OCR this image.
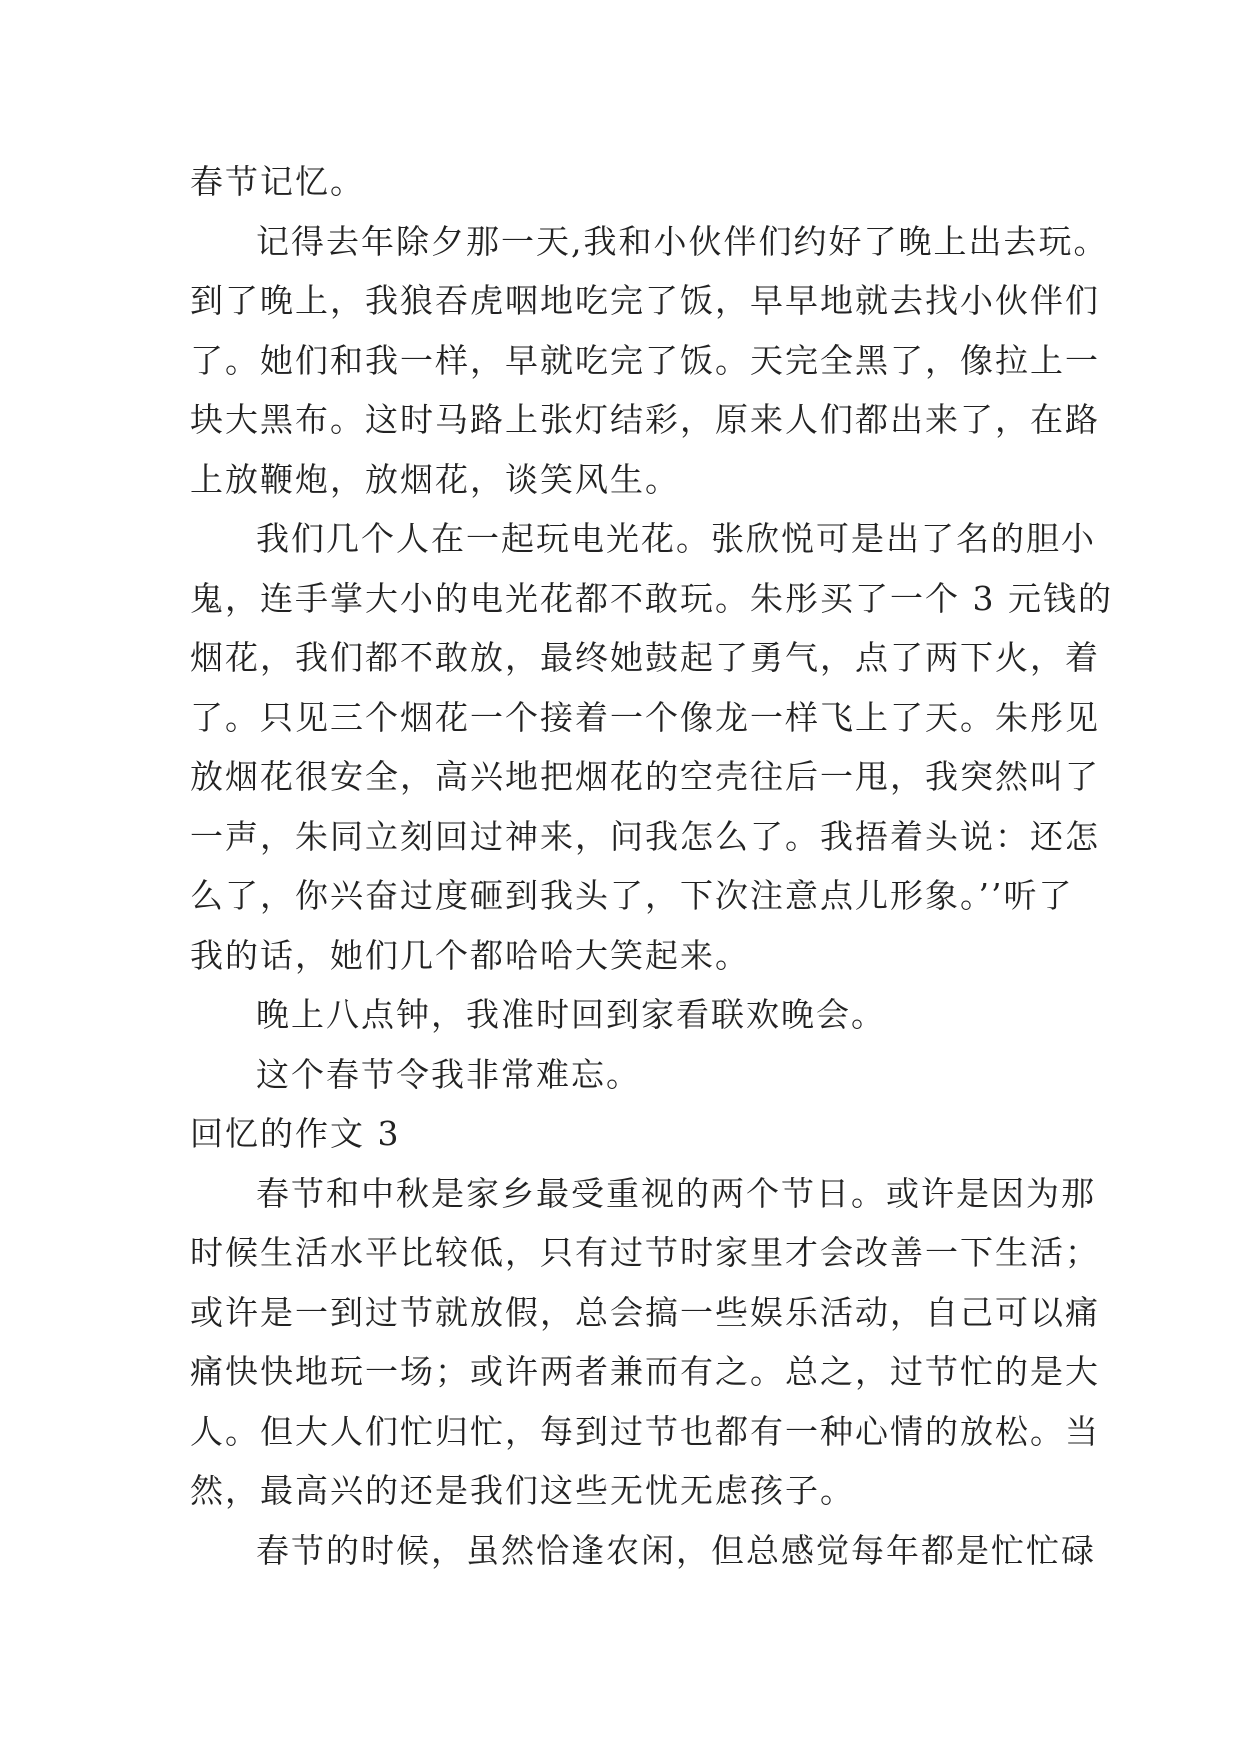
春节记忆。
记得去年除夕那一天,我和小伙伴们约好了晚上出去玩。
到了晚上，我狼吞虎咽地吃完了饭，早早地就去找小伙伴们
了。她们和我一样，早就吃完了饭。天完全黑了，像拉上一
块大黑布。这时马路上张灯结彩，原来人们都出来了，在路
上放鞭炮，放烟花，谈笑风生。
我们几个人在一起玩电光花。张欣悦可是出了名的胆小
鬼，连手掌大小的电光花都不敢玩。朱彤买了一个 3 元钱的
烟花，我们都不敢放，最终她鼓起了勇气，点了两下火，着
了。只见三个烟花一个接着一个像龙一样飞上了天。朱彤见
放烟花很安全，高兴地把烟花的空壳往后一甩，我突然叫了
一声，朱同立刻回过神来，问我怎么了。我捂着头说：还怎
么了，你兴奋过度砸到我头了，下次注意点儿形象。’’听了
我的话，她们几个都哈哈大笑起来。
晚上八点钟，我准时回到家看联欢晚会。
这个春节令我非常难忘。
回忆的作文 3
春节和中秋是家乡最受重视的两个节日。或许是因为那
时候生活水平比较低，只有过节时家里才会改善一下生活；
或许是一到过节就放假，总会搞一些娱乐活动，自己可以痛
痛快快地玩一场；或许两者兼而有之。总之，过节忙的是大
人。但大人们忙归忙，每到过节也都有一种心情的放松。当
然，最高兴的还是我们这些无忧无虑孩子。
春节的时候，虽然恰逢农闲，但总感觉每年都是忙忙碌
